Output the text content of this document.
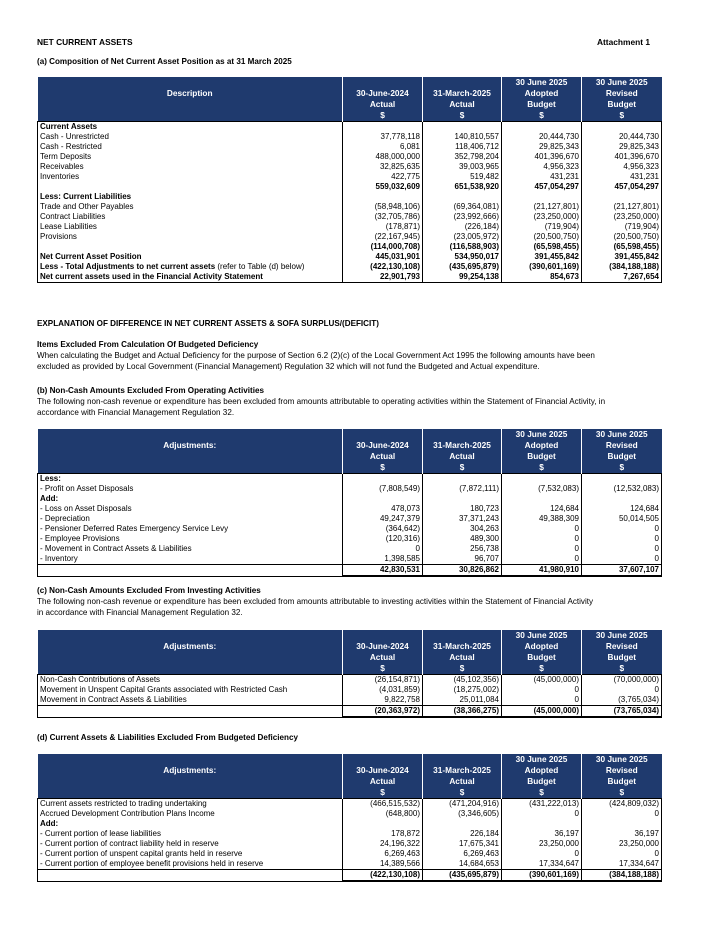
NET CURRENT ASSETS	Attachment 1
(a) Composition of Net Current Asset Position as at 31 March 2025
			30 June 2025	30 June 2025
Description	30-June-2024	31-March-2025	Adopted	Revised
	Actual	Actual	Budget	Budget
	$	$	$	$
Current Assets				
Cash - Unrestricted	37,778,118	140,810,557	20,444,730	20,444,730
Cash - Restricted	6,081	118,406,712	29,825,343	29,825,343
Term Deposits	488,000,000	352,798,204	401,396,670	401,396,670
Receivables	32,825,635	39,003,965	4,956,323	4,956,323
Inventories	422,775	519,482	431,231	431,231
	559,032,609	651,538,920	457,054,297	457,054,297
Less: Current Liabilities				
Trade and Other Payables	(58,948,106)	(69,364,081)	(21,127,801)	(21,127,801)
Contract Liabilities	(32,705,786)	(23,992,666)	(23,250,000)	(23,250,000)
Lease Liabilities	(178,871)	(226,184)	(719,904)	(719,904)
Provisions	(22,167,945)	(23,005,972)	(20,500,750)	(20,500,750)
	(114,000,708)	(116,588,903)	(65,598,455)	(65,598,455)
Net Current Asset Position	445,031,901	534,950,017	391,455,842	391,455,842
Less - Total Adjustments to net current assets (refer to Table (d) below)	(422,130,108)	(435,695,879)	(390,601,169)	(384,188,188)
Net current assets used in the Financial Activity Statement	22,901,793	99,254,138	854,673	7,267,654
EXPLANATION OF DIFFERENCE IN NET CURRENT ASSETS & SOFA SURPLUS/(DEFICIT)
Items Excluded From Calculation Of Budgeted Deficiency
When calculating the Budget and Actual Deficiency for the purpose of Section 6.2 (2)(c) of the Local Government Act 1995 the following amounts have been
excluded as provided by Local Government (Financial Management) Regulation 32 which will not fund the Budgeted and Actual expenditure.
(b) Non-Cash Amounts Excluded From Operating Activities
The following non-cash revenue or expenditure has been excluded from amounts attributable to operating activities within the Statement of Financial Activity, in
accordance with Financial Management Regulation 32.
			30 June 2025	30 June 2025
Adjustments:	30-June-2024	31-March-2025	Adopted	Revised
	Actual	Actual	Budget	Budget
	$	$	$	$
Less:				
- Profit on Asset Disposals	(7,808,549)	(7,872,111)	(7,532,083)	(12,532,083)
Add:				
- Loss on Asset Disposals	478,073	180,723	124,684	124,684
- Depreciation	49,247,379	37,371,243	49,388,309	50,014,505
- Pensioner Deferred Rates Emergency Service Levy	(364,642)	304,263	0	0
- Employee Provisions	(120,316)	489,300	0	0
- Movement in Contract Assets & Liabilities	0	256,738	0	0
- Inventory	1,398,585	96,707	0	0
	42,830,531	30,826,862	41,980,910	37,607,107
(c) Non-Cash Amounts Excluded From Investing Activities
The following non-cash revenue or expenditure has been excluded from amounts attributable to investing activities within the Statement of Financial Activity
in accordance with Financial Management Regulation 32.
			30 June 2025	30 June 2025
Adjustments:	30-June-2024	31-March-2025	Adopted	Revised
	Actual	Actual	Budget	Budget
	$	$	$	$
Non-Cash Contributions of Assets	(26,154,871)	(45,102,356)	(45,000,000)	(70,000,000)
Movement in Unspent Capital Grants associated with Restricted Cash	(4,031,859)	(18,275,002)	0	0
Movement in Contract Assets & Liabilities	9,822,758	25,011,084	0	(3,765,034)
	(20,363,972)	(38,366,275)	(45,000,000)	(73,765,034)
(d) Current Assets & Liabilities Excluded From Budgeted Deficiency
			30 June 2025	30 June 2025
Adjustments:	30-June-2024	31-March-2025	Adopted	Revised
	Actual	Actual	Budget	Budget
	$	$	$	$
Current assets restricted to trading undertaking	(466,515,532)	(471,204,916)	(431,222,013)	(424,809,032)
Accrued Development Contribution Plans Income	(648,800)	(3,346,605)	0	0
Add:				
- Current portion of lease liabilities	178,872	226,184	36,197	36,197
- Current portion of contract liability held in reserve	24,196,322	17,675,341	23,250,000	23,250,000
- Current portion of unspent capital grants held in reserve	6,269,463	6,269,463	0	0
- Current portion of employee benefit provisions held in reserve	14,389,566	14,684,653	17,334,647	17,334,647
	(422,130,108)	(435,695,879)	(390,601,169)	(384,188,188)
